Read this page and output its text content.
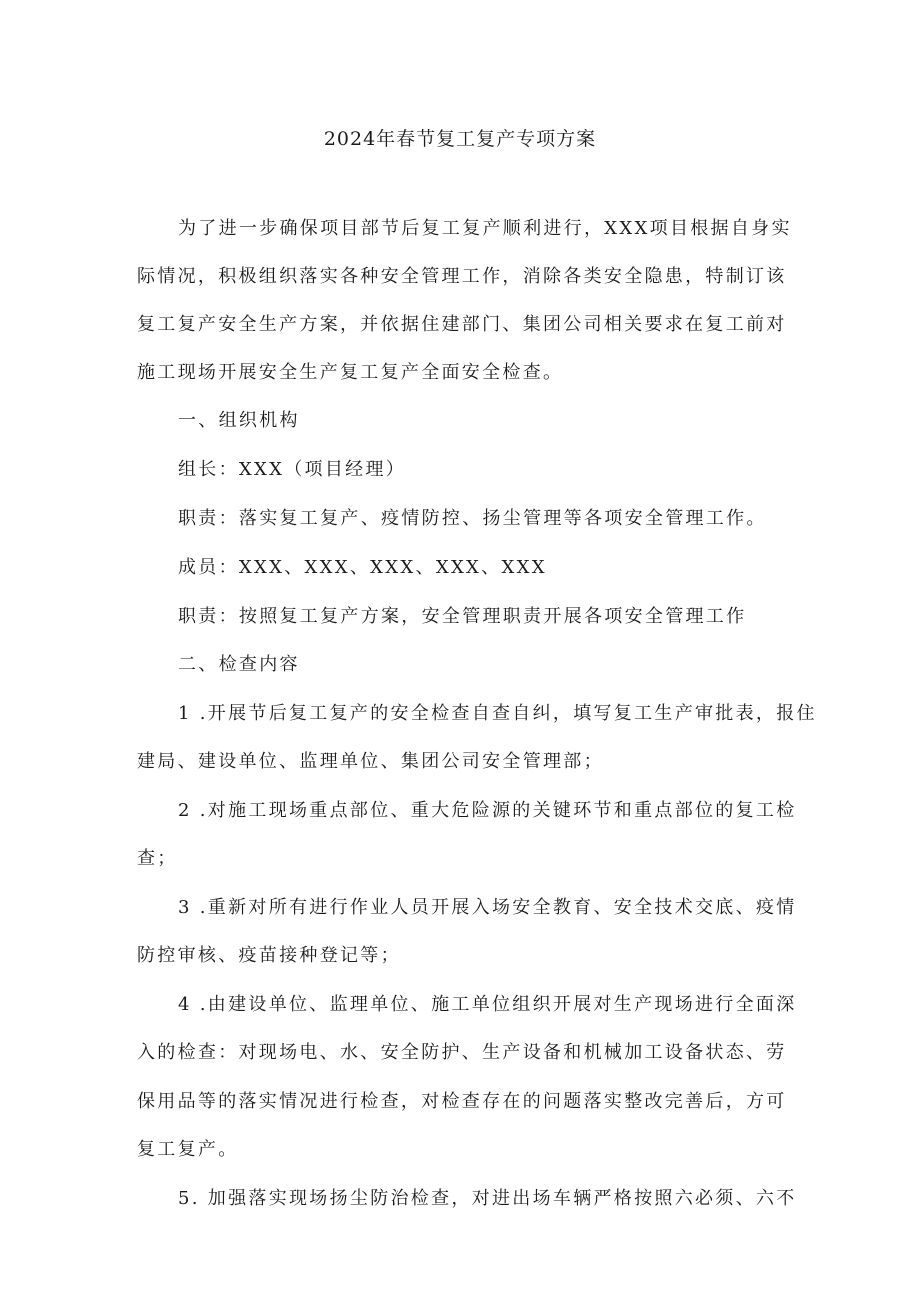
2024年春节复工复产专项方案
为了进一步确保项目部节后复工复产顺利进行，XXX项目根据自身实
际情况，积极组织落实各种安全管理工作，消除各类安全隐患，特制订该
复工复产安全生产方案，并依据住建部门、集团公司相关要求在复工前对
施工现场开展安全生产复工复产全面安全检查。
一、组织机构
组长：XXX（项目经理）
职责：落实复工复产、疫情防控、扬尘管理等各项安全管理工作。
成员：XXX、XXX、XXX、XXX、XXX
职责：按照复工复产方案，安全管理职责开展各项安全管理工作
二、检查内容
1 .开展节后复工复产的安全检查自查自纠，填写复工生产审批表，报住
建局、建设单位、监理单位、集团公司安全管理部；
2 .对施工现场重点部位、重大危险源的关键环节和重点部位的复工检
查；
3 .重新对所有进行作业人员开展入场安全教育、安全技术交底、疫情
防控审核、疫苗接种登记等；
4 .由建设单位、监理单位、施工单位组织开展对生产现场进行全面深
入的检查：对现场电、水、安全防护、生产设备和机械加工设备状态、劳
保用品等的落实情况进行检查，对检查存在的问题落实整改完善后，方可
复工复产。
5. 加强落实现场扬尘防治检查，对进出场车辆严格按照六必须、六不
